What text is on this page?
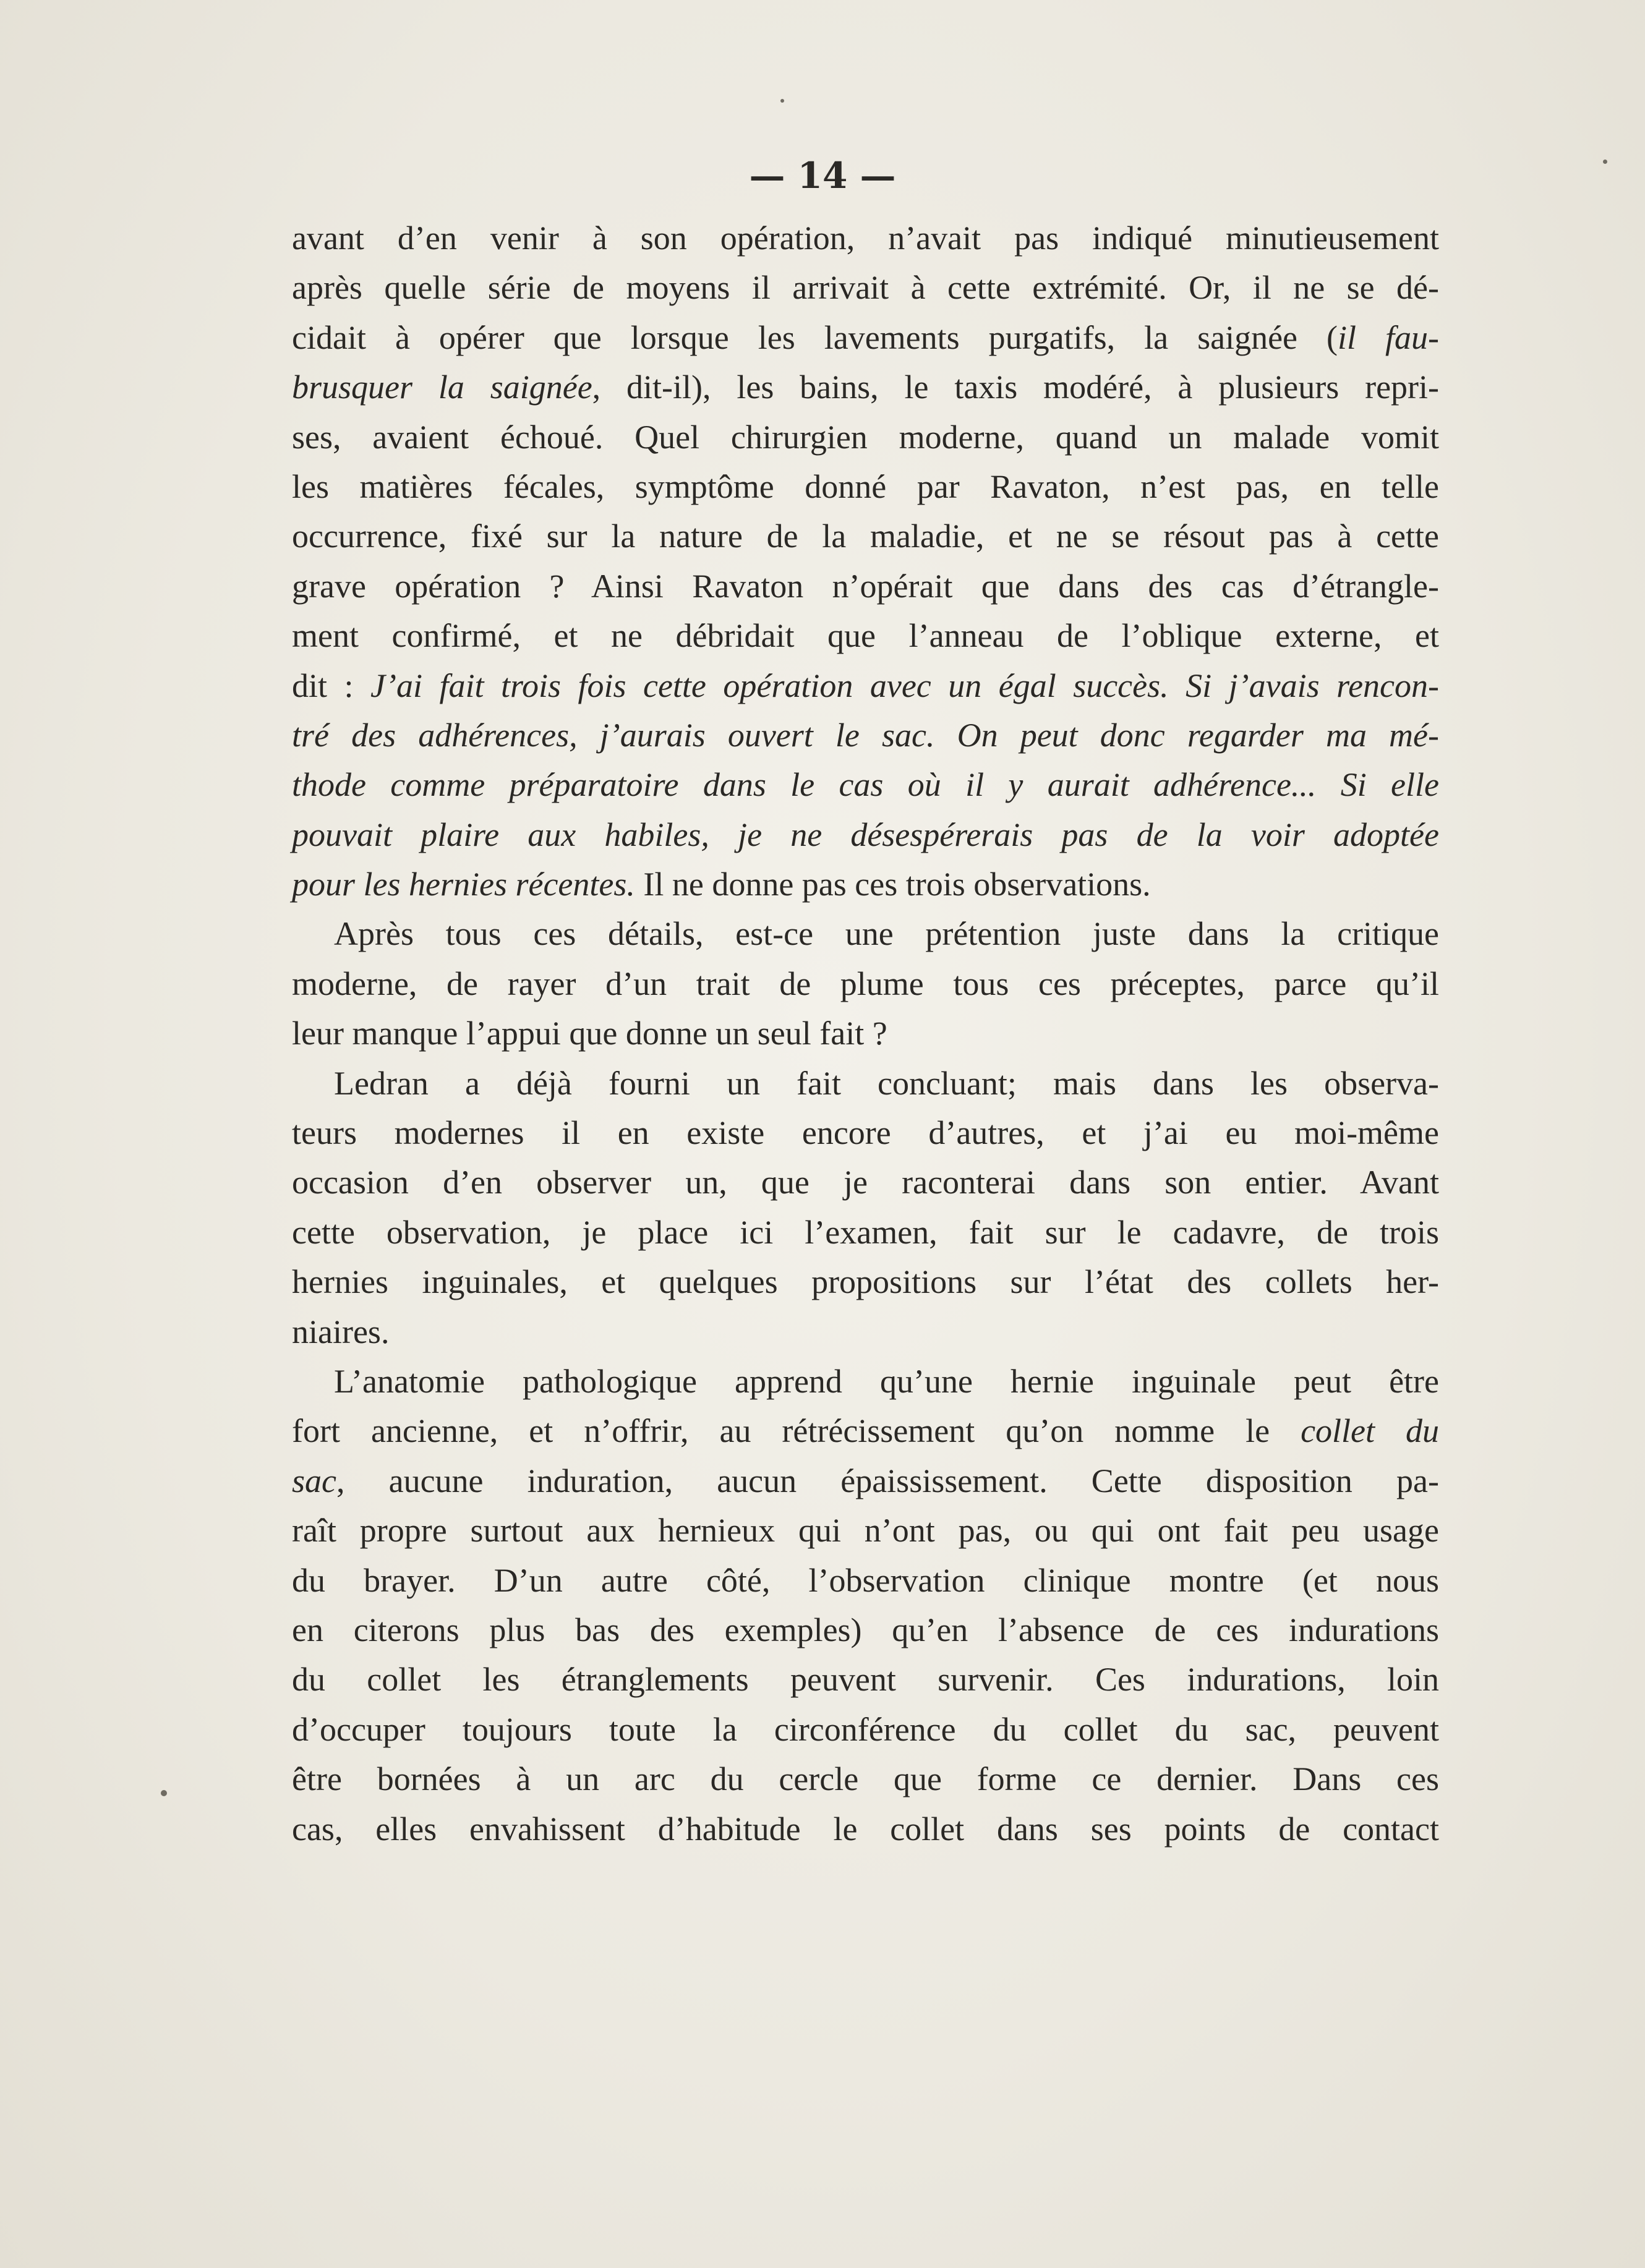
— 14 —
avant d’en venir à son opération, n’avait pas indiqué minutieusement
après quelle série de moyens il arrivait à cette extrémité. Or, il ne se dé-
cidait à opérer que lorsque les lavements purgatifs, la saignée (il fau-
brusquer la saignée, dit-il), les bains, le taxis modéré, à plusieurs repri-
ses, avaient échoué. Quel chirurgien moderne, quand un malade vomit
les matières fécales, symptôme donné par Ravaton, n’est pas, en telle
occurrence, fixé sur la nature de la maladie, et ne se résout pas à cette
grave opération ? Ainsi Ravaton n’opérait que dans des cas d’étrangle-
ment confirmé, et ne débridait que l’anneau de l’oblique externe, et
dit : J’ai fait trois fois cette opération avec un égal succès. Si j’avais rencon-
tré des adhérences, j’aurais ouvert le sac. On peut donc regarder ma mé-
thode comme préparatoire dans le cas où il y aurait adhérence... Si elle
pouvait plaire aux habiles, je ne désespérerais pas de la voir adoptée
pour les hernies récentes. Il ne donne pas ces trois observations.
Après tous ces détails, est-ce une prétention juste dans la critique
moderne, de rayer d’un trait de plume tous ces préceptes, parce qu’il
leur manque l’appui que donne un seul fait ?
Ledran a déjà fourni un fait concluant; mais dans les observa-
teurs modernes il en existe encore d’autres, et j’ai eu moi-même
occasion d’en observer un, que je raconterai dans son entier. Avant
cette observation, je place ici l’examen, fait sur le cadavre, de trois
hernies inguinales, et quelques propositions sur l’état des collets her-
niaires.
L’anatomie pathologique apprend qu’une hernie inguinale peut être
fort ancienne, et n’offrir, au rétrécissement qu’on nomme le collet du
sac, aucune induration, aucun épaississement. Cette disposition pa-
raît propre surtout aux hernieux qui n’ont pas, ou qui ont fait peu usage
du brayer. D’un autre côté, l’observation clinique montre (et nous
en citerons plus bas des exemples) qu’en l’absence de ces indurations
du collet les étranglements peuvent survenir. Ces indurations, loin
d’occuper toujours toute la circonférence du collet du sac, peuvent
être bornées à un arc du cercle que forme ce dernier. Dans ces
cas, elles envahissent d’habitude le collet dans ses points de contact
